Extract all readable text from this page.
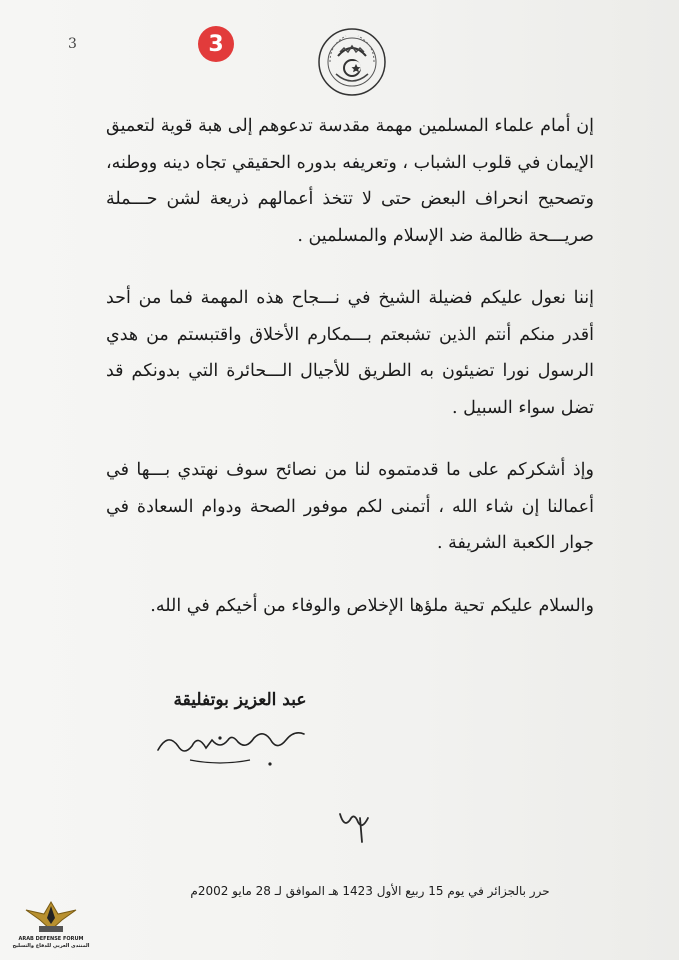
3	3

إن أمام علماء المسلمين مهمة مقدسة تدعوهم إلى هبة قوية لتعميق الإيمان في قلوب الشباب ، وتعريفه بدوره الحقيقي تجاه دينه ووطنه، وتصحيح انحراف البعض حتى لا تتخذ أعمالهم ذريعة لشن حـــملة صريـــحة ظالمة ضد الإسلام والمسلمين .

إننا نعول عليكم فضيلة الشيخ في نـــجاح هذه المهمة فما من أحد أقدر منكم أنتم الذين تشبعتم بـــمكارم الأخلاق واقتبستم من هدي الرسول نورا تضيئون به الطريق للأجيال الـــحائرة التي بدونكم قد تضل سواء السبيل .

وإذ أشكركم على ما قدمتموه لنا من نصائح سوف نهتدي بـــها في أعمالنا إن شاء الله ، أتمنى لكم موفور الصحة ودوام السعادة في جوار الكعبة الشريفة .

والسلام عليكم تحية ملؤها الإخلاص والوفاء من أخيكم في الله.

عبد العزيز بوتفليقة
حرر بالجزائر في يوم 15 ربيع الأول 1423 هـ الموافق لـ 28 مايو 2002م
ARAB DEFENSE FORUM
المنتدى العربي للدفاع والتسليح
